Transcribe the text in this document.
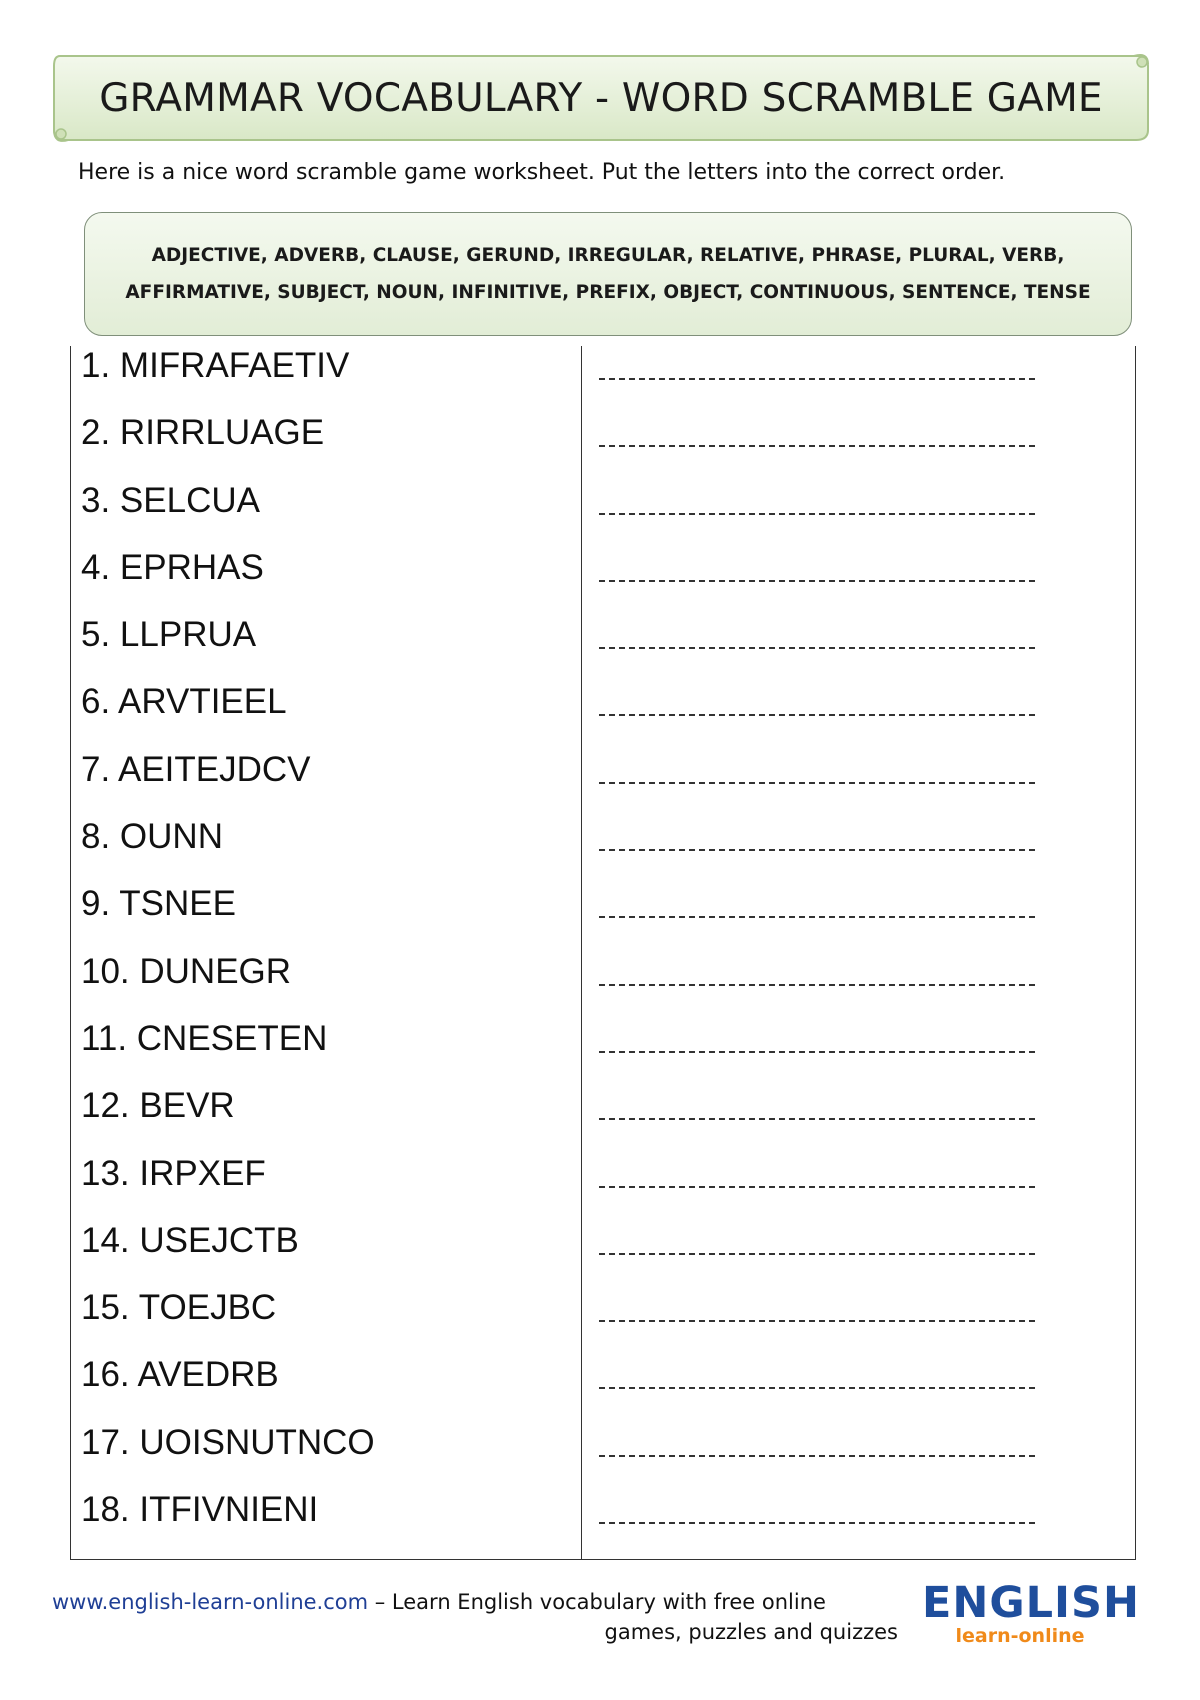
GRAMMAR VOCABULARY - WORD SCRAMBLE GAME
Here is a nice word scramble game worksheet. Put the letters into the correct order.
ADJECTIVE, ADVERB, CLAUSE, GERUND, IRREGULAR, RELATIVE, PHRASE, PLURAL, VERB, AFFIRMATIVE, SUBJECT, NOUN, INFINITIVE, PREFIX, OBJECT, CONTINUOUS, SENTENCE, TENSE
1. MIFRAFAETIV
2. RIRRLUAGE
3. SELCUA
4. EPRHAS
5. LLPRUA
6. ARVTIEEL
7. AEITEJDCV
8. OUNN
9. TSNEE
10. DUNEGR
11. CNESETEN
12. BEVR
13. IRPXEF
14. USEJCTB
15. TOEJBC
16. AVEDRB
17. UOISNUTNCO
18. ITFIVNIENI
www.english-learn-online.com – Learn English vocabulary with free online
games, puzzles and quizzes
ENGLISH
learn-online
